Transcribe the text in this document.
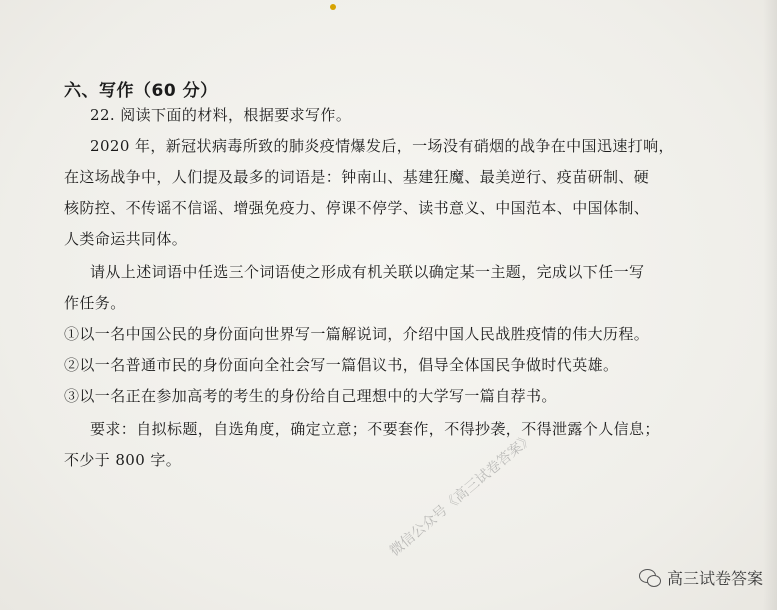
六、写作（60 分）
22. 阅读下面的材料，根据要求写作。
2020 年，新冠状病毒所致的肺炎疫情爆发后，一场没有硝烟的战争在中国迅速打响，
在这场战争中，人们提及最多的词语是：钟南山、基建狂魔、最美逆行、疫苗研制、硬
核防控、不传谣不信谣、增强免疫力、停课不停学、读书意义、中国范本、中国体制、
人类命运共同体。
请从上述词语中任选三个词语使之形成有机关联以确定某一主题，完成以下任一写
作任务。
①以一名中国公民的身份面向世界写一篇解说词，介绍中国人民战胜疫情的伟大历程。
②以一名普通市民的身份面向全社会写一篇倡议书，倡导全体国民争做时代英雄。
③以一名正在参加高考的考生的身份给自己理想中的大学写一篇自荐书。
要求：自拟标题，自选角度，确定立意；不要套作，不得抄袭，不得泄露个人信息；
不少于 800 字。	微信公众号《高三试卷答案》
高三试卷答案
